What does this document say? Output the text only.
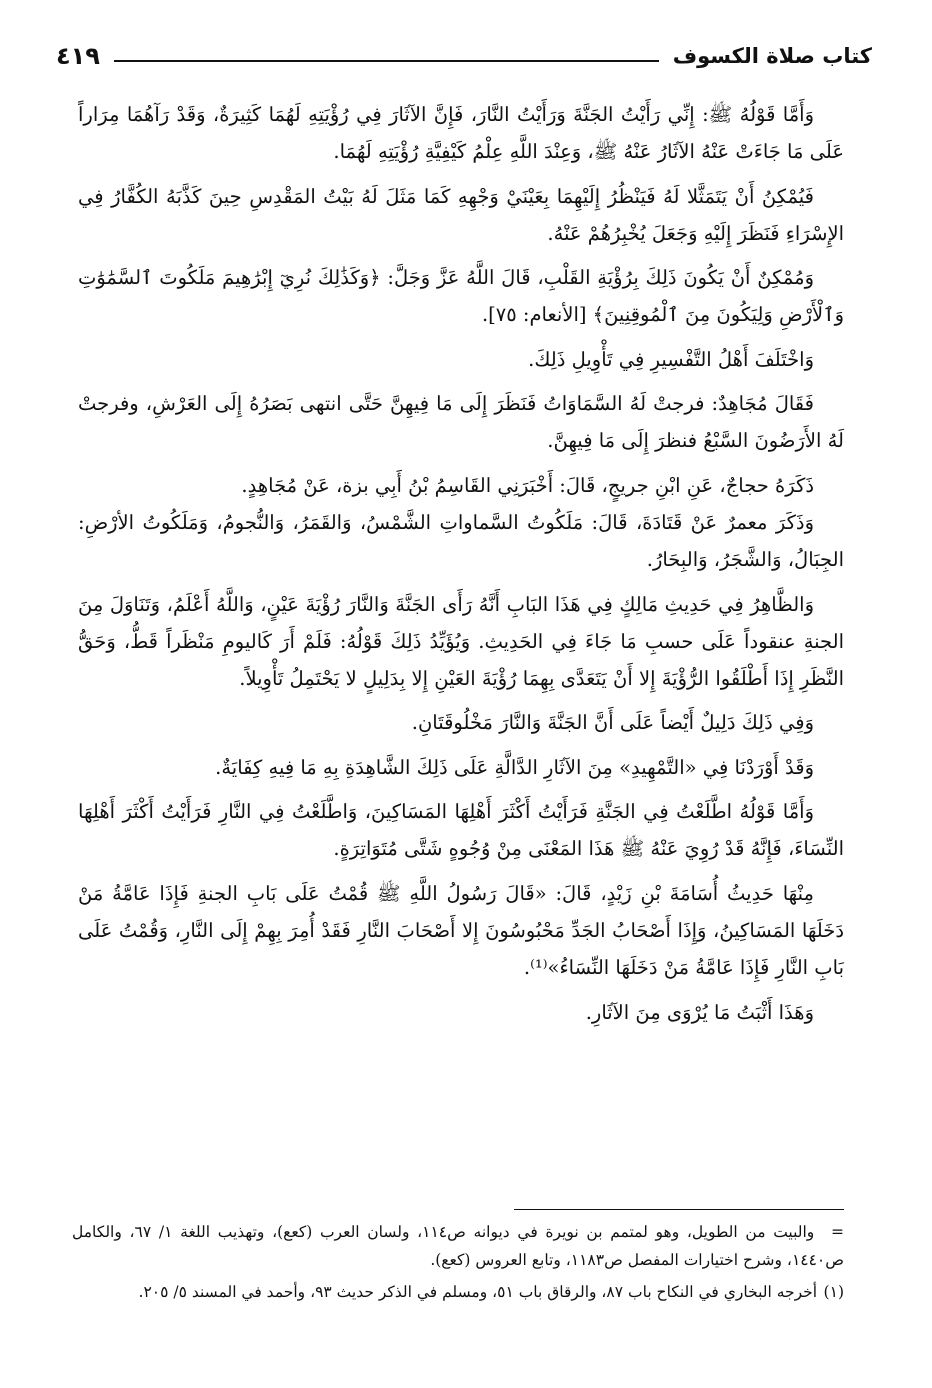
كتاب صلاة الكسوف
٤١٩

وَأَمَّا قَوْلُهُ ﷺ: إِنِّي رَأَيْتُ الجَنَّةَ وَرَأَيْتُ النَّارَ، فَإِنَّ الآثَارَ فِي رُؤْيَتِهِ لَهُمَا كَثِيرَةٌ، وَقَدْ رَآهُمَا مِرَاراً عَلَى مَا جَاءَتْ عَنْهُ الآثَارُ عَنْهُ ﷺ، وَعِنْدَ اللَّهِ عِلْمُ كَيْفِيَّةِ رُؤْيَتِهِ لَهُمَا.

فَيُمْكِنُ أَنْ يَتَمَثَّلا لَهُ فَيَنْظُرُ إِلَيْهِمَا بِعَيْنَيْ وَجْهِهِ كَمَا مَثَلَ لَهُ بَيْتُ المَقْدِسِ حِينَ كَذَّبَهُ الكُفَّارُ فِي الإِسْرَاءِ فَنَظَرَ إِلَيْهِ وَجَعَلَ يُخْبِرُهُمْ عَنْهُ.

وَمُمْكِنٌ أَنْ يَكُونَ ذَلِكَ بِرُؤْيَةِ القَلْبِ، قَالَ اللَّهُ عَزَّ وَجَلَّ: ﴿وَكَذَٰلِكَ نُرِيٓ إِبْرَٰهِيمَ مَلَكُوتَ ٱلسَّمَٰوَٰتِ وَٱلْأَرْضِ وَلِيَكُونَ مِنَ ٱلْمُوقِنِينَ﴾ [الأنعام: ٧٥].

وَاخْتَلَفَ أَهْلُ التَّفْسِيرِ فِي تَأْوِيلِ ذَلِكَ.

فَقَالَ مُجَاهِدٌ: فرجتْ لَهُ السَّمَاوَاتُ فَنَظَرَ إِلَى مَا فِيهِنَّ حَتَّى انتهى بَصَرُهُ إِلَى العَرْشِ، وفرجتْ لَهُ الأَرَضُونَ السَّبْعُ فنظرَ إِلَى مَا فِيهِنَّ.

ذَكَرَهُ حجاجٌ، عَنِ ابْنِ جريجٍ، قَالَ: أَخْبَرَنِي القَاسِمُ بْنُ أَبِي بزة، عَنْ مُجَاهِدٍ.

وَذَكَرَ معمرٌ عَنْ قَتَادَةَ، قَالَ: مَلَكُوتُ السَّماواتِ الشَّمْسُ، وَالقَمَرُ، وَالنُّجومُ، وَمَلَكُوتُ الأرْضِ: الجِبَالُ، وَالشَّجَرُ، وَالبِحَارُ.

وَالظَّاهِرُ فِي حَدِيثِ مَالِكٍ فِي هَذَا البَابِ أَنَّهُ رَأَى الجَنَّةَ وَالنَّارَ رُؤْيَةَ عَيْنٍ، وَاللَّهُ أَعْلَمُ، وَتَنَاوَلَ مِنَ الجنةِ عنقوداً عَلَى حسبِ مَا جَاءَ فِي الحَدِيثِ. وَيُؤَيِّدُ ذَلِكَ قَوْلُهُ: فَلَمْ أَرَ كَاليومِ مَنْظَراً قَطُّ، وَحَقُّ النَّظَرِ إِذَا أَطْلَقُوا الرُّؤْيَةَ إِلا أَنْ يَتَعَدَّى بِهِمَا رُؤْيَةَ العَيْنِ إِلا بِدَلِيلٍ لا يَحْتَمِلُ تَأْوِيلاً.

وَفِي ذَلِكَ دَلِيلٌ أَيْضاً عَلَى أَنَّ الجَنَّةَ وَالنَّارَ مَخْلُوقَتَانِ.

وَقَدْ أَوْرَدْنَا فِي «التَّمْهِيدِ» مِنَ الآثَارِ الدَّالَّةِ عَلَى ذَلِكَ الشَّاهِدَةِ بِهِ مَا فِيهِ كِفَايَةٌ.

وَأَمَّا قَوْلُهُ اطَّلَعْتُ فِي الجَنَّةِ فَرَأَيْتُ أَكْثَرَ أَهْلِهَا المَسَاكِينَ، وَاطَّلَعْتُ فِي النَّارِ فَرَأَيْتُ أَكْثَرَ أَهْلِهَا النِّسَاءَ، فَإِنَّهُ قَدْ رُوِيَ عَنْهُ ﷺ هَذَا المَعْنَى مِنْ وُجُوهٍ شَتَّى مُتَوَاتِرَةٍ.

مِنْهَا حَدِيثُ أُسَامَةَ بْنِ زَيْدٍ، قَالَ: «قَالَ رَسُولُ اللَّهِ ﷺ قُمْتُ عَلَى بَابِ الجنةِ فَإِذَا عَامَّةُ مَنْ دَخَلَهَا المَسَاكِينُ، وَإِذَا أَصْحَابُ الجَدِّ مَحْبُوسُونَ إِلا أَصْحَابَ النَّارِ فَقَدْ أُمِرَ بِهِمْ إِلَى النَّارِ، وَقُمْتُ عَلَى بَابِ النَّارِ فَإِذَا عَامَّةُ مَنْ دَخَلَهَا النِّسَاءُ»⁽¹⁾.

وَهَذَا أَثْبَتُ مَا يُرْوَى مِنَ الآثَارِ.

= والبيت من الطويل، وهو لمتمم بن نويرة في ديوانه ص١١٤، ولسان العرب (كعع)، وتهذيب اللغة ١/ ٦٧، والكامل ص١٤٤٠، وشرح اختيارات المفصل ص١١٨٣، وتابع العروس (كعع).

(١) أخرجه البخاري في النكاح باب ٨٧، والرقاق باب ٥١، ومسلم في الذكر حديث ٩٣، وأحمد في المسند ٥/ ٢٠٥.
